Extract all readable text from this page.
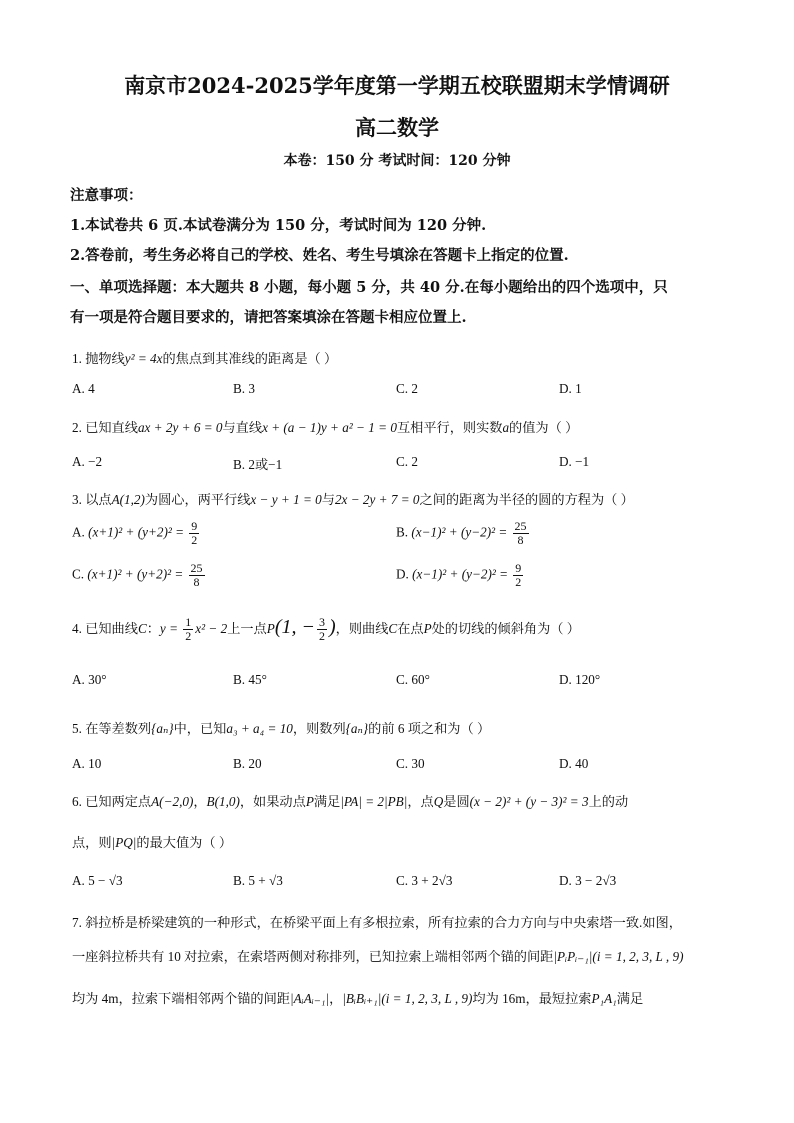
南京市2024-2025学年度第一学期五校联盟期末学情调研
高二数学
本卷：150 分 考试时间：120 分钟
注意事项：
1.本试卷共 6 页.本试卷满分为 150 分，考试时间为 120 分钟.
2.答卷前，考生务必将自己的学校、姓名、考生号填涂在答题卡上指定的位置.
一、单项选择题：本大题共 8 小题，每小题 5 分，共 40 分.在每小题给出的四个选项中，只
有一项是符合题目要求的，请把答案填涂在答题卡相应位置上.
1. 抛物线y² = 4x的焦点到其准线的距离是（ ）
A. 4	B. 3	C. 2	D. 1
2. 已知直线ax + 2y + 6 = 0与直线x + (a − 1)y + a² − 1 = 0互相平行，则实数a的值为（ ）
A. −2	B. 2或−1	C. 2	D. −1
3. 以点A(1,2)为圆心，两平行线x − y + 1 = 0与2x − 2y + 7 = 0之间的距离为半径的圆的方程为（ ）
A. $(x+1)^2 + (y+2)^2 = \frac{9}{2}$	B. $(x-1)^2 + (y-2)^2 = \frac{25}{8}$
C. $(x+1)^2 + (y+2)^2 = \frac{25}{8}$	D. $(x-1)^2 + (y-2)^2 = \frac{9}{2}$
4. 已知曲线C：$y = \frac{1}{2} x^2 - 2$上一点P(1, − $\frac{3}{2}$ )，则曲线C在点P处的切线的倾斜角为（ ）
A. 30°	B. 45°	C. 60°	D. 120°
5. 在等差数列{aₙ}中，已知a₃ + a₄ = 10，则数列{aₙ}的前 6 项之和为（ ）
A. 10	B. 20	C. 30	D. 40
6. 已知两定点A(−2,0)，B(1,0)，如果动点P满足|PA| = 2|PB|，点Q是圆(x − 2)² + (y − 3)² = 3上的动
点，则|PQ|的最大值为（ ）
A. 5 − √3	B. 5 + √3	C. 3 + 2√3	D. 3 − 2√3
7. 斜拉桥是桥梁建筑的一种形式，在桥梁平面上有多根拉索，所有拉索的合力方向与中央索塔一致.如图，
一座斜拉桥共有 10 对拉索，在索塔两侧对称排列，已知拉索上端相邻两个锚的间距|PᵢPᵢ₋₁|(i = 1, 2, 3, L , 9)
均为 4m，拉索下端相邻两个锚的间距|AᵢAᵢ₋₁|，|BᵢBᵢ₊₁|(i = 1, 2, 3, L , 9)均为 16m，最短拉索P₁A₁满足
